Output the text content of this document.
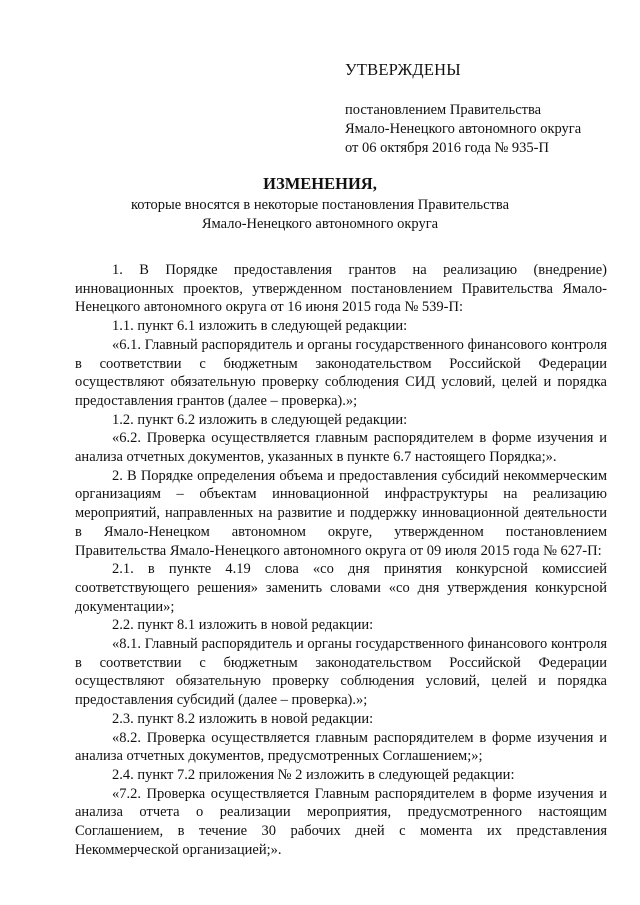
УТВЕРЖДЕНЫ

постановлением Правительства

Ямало-Ненецкого автономного округа

от 06 октября 2016 года № 935-П

ИЗМЕНЕНИЯ,

которые вносятся в некоторые постановления Правительства

Ямало-Ненецкого автономного округа

1. В Порядке предоставления грантов на реализацию (внедрение) инновационных проектов, утвержденном постановлением Правительства Ямало-Ненецкого автономного округа от 16 июня 2015 года № 539-П:

1.1. пункт 6.1 изложить в следующей редакции:

«6.1. Главный распорядитель и органы государственного финансового контроля в соответствии с бюджетным законодательством Российской Федерации осуществляют обязательную проверку соблюдения СИД условий, целей и порядка предоставления грантов (далее – проверка).»;

1.2. пункт 6.2 изложить в следующей редакции:

«6.2. Проверка осуществляется главным распорядителем в форме изучения и анализа отчетных документов, указанных в пункте 6.7 настоящего Порядка;».

2. В Порядке определения объема и предоставления субсидий некоммерческим организациям – объектам инновационной инфраструктуры на реализацию мероприятий, направленных на развитие и поддержку инновационной деятельности в Ямало-Ненецком автономном округе, утвержденном постановлением Правительства Ямало-Ненецкого автономного округа от 09 июля 2015 года № 627-П:

2.1. в пункте 4.19 слова «со дня принятия конкурсной комиссией соответствующего решения» заменить словами «со дня утверждения конкурсной документации»;

2.2. пункт 8.1 изложить в новой редакции:

«8.1. Главный распорядитель и органы государственного финансового контроля в соответствии с бюджетным законодательством Российской Федерации осуществляют обязательную проверку соблюдения условий, целей и порядка предоставления субсидий (далее – проверка).»;

2.3. пункт 8.2 изложить в новой редакции:

«8.2. Проверка осуществляется главным распорядителем в форме изучения и анализа отчетных документов, предусмотренных Соглашением;»;

2.4. пункт 7.2 приложения № 2 изложить в следующей редакции:

«7.2. Проверка осуществляется Главным распорядителем в форме изучения и анализа отчета о реализации мероприятия, предусмотренного настоящим Соглашением, в течение 30 рабочих дней с момента их представления Некоммерческой организацией;».
